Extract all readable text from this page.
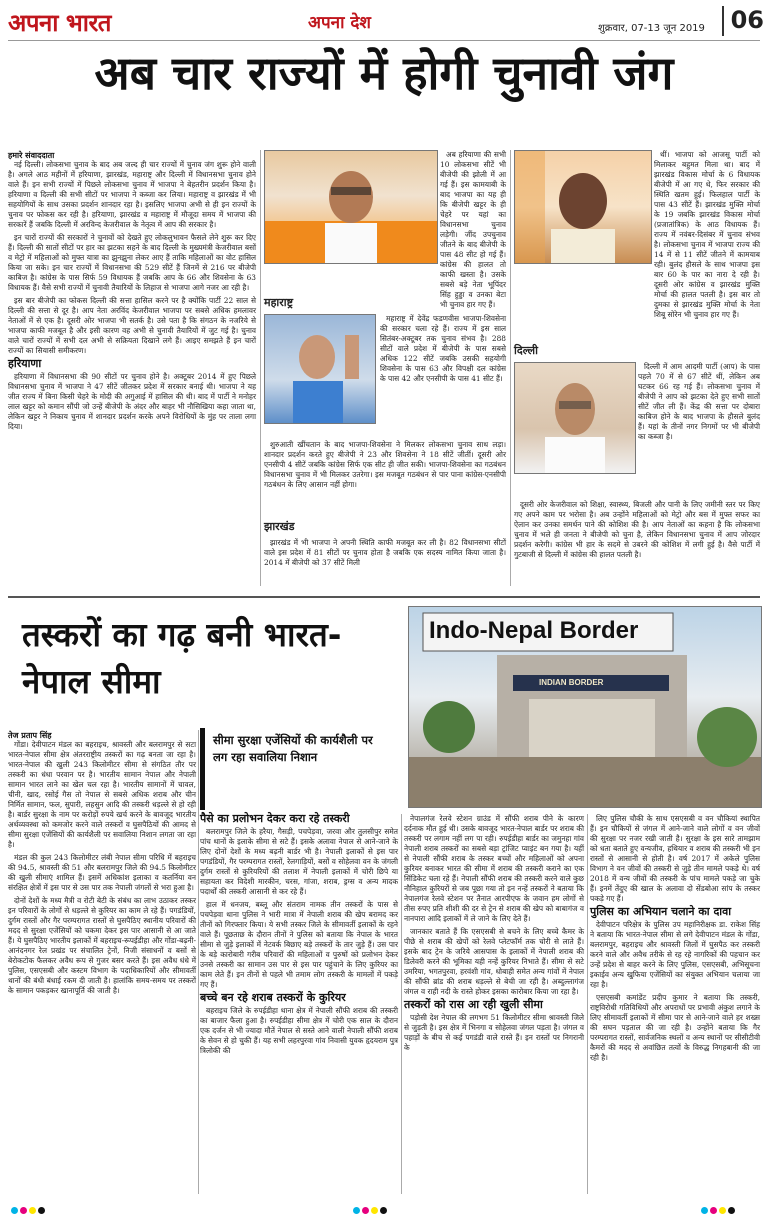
अपना भारत	अपना देश	शुक्रवार, 07-13 जून 2019	06
अब चार राज्यों में होगी चुनावी जंग
हमारे संवाददाता

नई दिल्ली। लोकसभा चुनाव के बाद अब जल्द ही चार राज्यों में चुनाव जंग शुरू होने वाली है। अगले आठ महीनों में हरियाणा, झारखंड, महाराष्ट्र और दिल्ली में विधानसभा चुनाव होने वाले हैं। इन सभी राज्यों में पिछले लोकसभा चुनाव में भाजपा ने बेहतरीन प्रदर्शन किया है। हरियाणा व दिल्ली की सभी सीटों पर भाजपा ने कब्जा कर लिया। महाराष्ट्र व झारखंड में भी सहयोगियों के साथ उसका प्रदर्शन शानदार रहा है। इसलिए भाजपा अभी से ही इन राज्यों के चुनाव पर फोकस कर रही है। हरियाणा, झारखंड व महाराष्ट्र में मौजूदा समय में भाजपा की सरकारें हैं जबकि दिल्ली में अरविन्द केजरीवाल के नेतृत्व में आप की सरकार है।

इन चारों राज्यों की सरकारों ने चुनावों को देखते हुए लोकलुभावन फैसले लेने शुरू कर दिए हैं। दिल्ली की सातों सीटों पर हार का झटका सहने के बाद दिल्ली के मुख्यमंत्री केजरीवाल बसों व मेट्रो में महिलाओं को मुफ्त यात्रा का झुनझुना लेकर आए हैं ताकि महिलाओं का वोट हासिल किया जा सके। इन चार राज्यों में विधानसभा की 529 सीटें हैं जिनमें से 216 पर बीजेपी काबिज है। कांग्रेस के पास सिर्फ 59 विधायक हैं जबकि आप के 66 और शिवसेना के 63 विधायक हैं। वैसे सभी राज्यों में चुनावी तैयारियों के लिहाज से भाजपा आगे नजर आ रही है।

इस बार बीजेपी का फोकस दिल्ली की सत्ता हासिल करने पर है क्योंकि पार्टी 22 साल से दिल्ली की सत्ता से दूर है। आप नेता अरविंद केजरीवाल भाजपा पर सबसे अधिक हमलावर नेताओं में से एक है। दूसरी ओर भाजपा भी सतर्क है। उसे पता है कि संगठन के नजरिये से भाजपा काफी मजबूत है और इसी कारण वह अभी से चुनावी तैयारियों में जुट गई है। चुनाव वाले चारों राज्यों में सभी दल अभी से सक्रियता दिखाने लगे हैं। आइए समझते हैं इन चारों राज्यों का सियासी समीकरण।

हरियाणा

हरियाणा में विधानसभा की 90 सीटों पर चुनाव होने है। अक्टूबर 2014 में हुए पिछले विधानसभा चुनाव में भाजपा ने 47 सीटें जीतकर प्रदेश में सरकार बनाई थी। भाजपा ने यह जीत राज्य में बिना किसी चेहरे के मोदी की अगुआई में हासिल की थी। बाद में पार्टी ने मनोहर लाल खट्टर को कमान सौंपी जो उन्हें बीजेपी के अंदर और बाहर भी नौसिखिया कहा जाता था, लेकिन खट्टर ने निकाय चुनाव में शानदार प्रदर्शन करके अपने विरोधियों के मुंह पर ताला लगा दिया।

अब हरियाणा की सभी 10 लोकसभा सीटें भी बीजेपी की झोली में आ गई हैं। इस कामयाबी के बाद भाजपा का यह ही कि बीजेपी खट्टर के ही चेहरे पर यहां का विधानसभा चुनाव लड़ेगी। जींद उपचुनाव जीतने के बाद बीजेपी के पास 48 सीट हो गई हैं। कांग्रेस की हालत तो काफी खस्ता है। उसके सबसे बड़े नेता भूपिंदर सिंह हुड्डा व उनका बेटा भी चुनाव हार गए हैं।

महाराष्ट्र

महाराष्ट्र में देवेंद्र फडणवीस भाजपा-शिवसेना की सरकार चला रहे हैं। राज्य में इस साल सितंबर-अक्टूबर तक चुनाव संभव है। 288 सीटों वाले प्रदेश में बीजेपी के पास सबसे अधिक 122 सीटें जबकि उसकी सहयोगी शिवसेना के पास 63 और विपक्षी दल कांग्रेस के पास 42 और एनसीपी के पास 41 सीट हैं।

शुरुआती खींचतान के बाद भाजपा-शिवसेना ने मिलकर लोकसभा चुनाव साथ लड़ा। शानदार प्रदर्शन करते हुए बीजेपी ने 23 और शिवसेना ने 18 सीटें जीतीं। दूसरी ओर एनसीपी 4 सीटें जबकि कांग्रेस सिर्फ एक सीट ही जीत सकी। भाजपा-शिवसेना का गठबंधन विधानसभा चुनाव में भी मिलकर उतरेगा। इस मजबूत गठबंधन से पार पाना कांग्रेस-एनसीपी गठबंधन के लिए आसान नहीं होगा।

झारखंड

झारखंड में भी भाजपा ने अपनी स्थिति काफी मजबूत कर ली है। 82 विधानसभा सीटों वाले इस प्रदेश में 81 सीटों पर चुनाव होता है जबकि एक सदस्य नामित किया जाता है। 2014 में बीजेपी को 37 सीटें मिली

थीं। भाजपा को आजसू पार्टी को मिलाकर बहुमत मिला था। बाद में झारखंड विकास मोर्चा के 6 विधायक बीजेपी में आ गए थे, फिर सरकार की स्थिति खतम हुई। फिलहाल पार्टी के पास 43 सीटें हैं। झारखंड मुक्ति मोर्चा के 19 जबकि झारखंड विकास मोर्चा (प्रजातांत्रिक) के आठ विधायक हैं। राज्य में नवंबर-दिसंबर में चुनाव संभव है। लोकसभा चुनाव में भाजपा राज्य की 14 में से 11 सीटें जीतने में कामयाब रही। बुलंद हौसले के साथ भाजपा इस बार 60 के पार का नारा दे रही है। दूसरी ओर कांग्रेस व झारखंड मुक्ति मोर्चा की हालत पतली है। इस बार तो दुमका से झारखंड मुक्ति मोर्चा के नेता शिबू सोरेन भी चुनाव हार गए हैं।

दिल्ली

दिल्ली में आम आदमी पार्टी (आप) के पास पहले 70 में से 67 सीटें थीं, लेकिन अब घटकर 66 रह गई हैं। लोकसभा चुनाव में बीजेपी ने आप को झटका देते हुए सभी सातों सीटें जीत ली हैं। केंद्र की सत्ता पर दोबारा काबिज होने के बाद भाजपा के हौसले बुलंद हैं। यहां के तीनों नगर निगमों पर भी बीजेपी का कब्जा है।

दूसरी ओर केजरीवाल को शिक्षा, स्वास्थ्य, बिजली और पानी के लिए जमीनी स्तर पर किए गए अपने काम पर भरोसा है। अब उन्होंने महिलाओं को मेट्रो और बस में मुफ्त सफर का ऐलान कर उनका समर्थन पाने की कोशिश की है। आप नेताओं का कहना है कि लोकसभा चुनाव में भले ही जनता ने बीजेपी को चुना है, लेकिन विधानसभा चुनाव में आप जोरदार प्रदर्शन करेगी। कांग्रेस भी हार के सदमे से उबरने की कोशिश में लगी हुई है। वैसे पार्टी में गुटबाजी से दिल्ली में कांग्रेस की हालत पतली है।

तस्करों का गढ़ बनी भारत-नेपाल सीमा
Indo-Nepal Border
INDIAN BORDER
सीमा सुरक्षा एजेंसियों की कार्यशैली पर लग रहा सवालिया निशान
तेज प्रताप सिंह

गोंडा। देवीपाटन मंडल का बहराइच, श्रावस्ती और बलरामपुर से सटा भारत-नेपाल सीमा क्षेत्र अंतरराष्ट्रीय तस्करों का गढ़ बनता जा रहा है। भारत-नेपाल की खुली 243 किलोमीटर सीमा से संगठित तौर पर तस्करी का धंधा परवान पर है। भारतीय सामान नेपाल और नेपाली सामान भारत लाने का खेल चल रहा है। भारतीय सामानों में चावल, चीनी, खाद, रसोई गैस तो नेपाल से सबसे अधिक शराब और चीन निर्मित सामान, फल, सुपारी, लहसुन आदि की तस्करी धड़ल्ले से हो रही है। बार्डर सुरक्षा के नाम पर करोड़ों रुपये खर्च करने के बावजूद भारतीय अर्थव्यवस्था को कमजोर करने वाले तस्करों व घुसपैठियों की आमद से सीमा सुरक्षा एजेंसियों की कार्यशैली पर सवालिया निशान लगता जा रहा है।

मंडल की कुल 243 किलोमीटर लंबी नेपाल सीमा परिधि में बहराइच की 94.5, श्रावस्ती की 51 और बलरामपुर जिले की 94.5 किलोमीटर की खुली सीमाएं शामिल हैं। इसमें अधिकांश इलाका व कतर्निया वन संरक्षित क्षेत्रों में इस पार से उस पार तक नेपाली जंगलों से भरा हुआ है।

दोनों देशों के मध्य मैत्री व रोटी बेटी के संबंध का लाभ उठाकर तस्कर इन परिवारों के लोगों से धड़ल्ले से कुरियर का काम ले रहे हैं। पगडंडियों, दुर्गम रास्तों और गैर परम्परागत रास्तों से घुसपैठिए स्थानीय परिवारों की मदद से सुरक्षा एजेंसियों को चकमा देकर इस पार आसानी से आ जाते हैं। ये घुसपैठिए भारतीय इलाकों में बहराइच-रूपईडीहा और गोंडा-बढ़नी-आनंदनगर रेल प्रखंड पर संचालित ट्रेनों, निजी संसाधनों व बसों से बेरोकटोक फैलकर अवैध रूप से गुजर बसर करते हैं। इस अवैध धंधे में पुलिस, एसएसबी और कस्टम विभाग के पदाधिकारियों और सीमावर्ती थानों की बंधी बंधाई रकम दी जाती है। हालांकि समय-समय पर तस्करों के सामान पकड़कर खानापूर्ति की जाती है।

पैसे का प्रलोभन देकर करा रहे तस्करी

बलरामपुर जिले के हरैया, गैसड़ी, पचपेड़वा, जरवा और तुलसीपुर समेत पांच थानों के इलाके सीमा से सटे हैं। इसके अलावा नेपाल से आने-जाने के लिए दोनों देशों के मध्य बढ़नी बार्डर भी है। नेपाली इलाकों से इस पार पगडंडियों, गैर परम्परागत रास्तों, रेलगाड़ियों, बसों व सोहेलवा वन के जंगली दुर्गम रास्तों से कुरियरियों की तलाश में नेपाली इलाकों में चोरी छिपे या सहायता कर विदेशी मारकीन, चरस, गांजा, शराब, ड्रग्स व अन्य मादक पदार्थों की तस्करी आसानी से कर रहे हैं।

हाल में धनजय, बब्लू और संतराम नामक तीन तस्करों के पास से पचपेड़वा थाना पुलिस ने भारी मात्रा में नेपाली शराब की खेप बरामद कर तीनों को गिरफ्तार किया। ये सभी तस्कर जिले के सीमावर्ती इलाकों के रहने वाले हैं। पूछताछ के दौरान तीनों ने पुलिस को बताया कि नेपाल के भारत सीमा से जुड़े इलाकों में नेटवर्क बिछाए बड़े तस्करों के तार जुड़े हैं। उस पार के बड़े कारोबारी गरीब परिवारों की महिलाओं व पुरुषों को प्रलोभन देकर उनसे तस्करी का सामान उस पार से इस पार पहुंचाने के लिए कुरियर का काम लेते हैं। इन तीनों से पहले भी तमाम लोग तस्करी के मामलों में पकड़े गए हैं।

बच्चे बन रहे शराब तस्करों के कुरियर

बहराइच जिले के रुपईडीहा थाना क्षेत्र में नेपाली सौंफी शराब की तस्करी का बाजार फैला हुआ है। रुपईडीहा सीमा क्षेत्र में चोरी एक साल के दौरान एक दर्जन से भी ज्यादा मौतें नेपाल से सस्ते आने वाली नेपाली सौंफी शराब के सेवन से हो चुकी हैं। यह सभी लहरपुरवा गांव निवासी युवक हृदयराम पुत्र त्रिलोकी की

नेपालगंज रेलवे स्टेशन ग्राउंड में सौंफी शराब पीने के कारण दर्दनाक मौत हुई थी। उसके बावजूद भारत-नेपाल बार्डर पर शराब की तस्करी पर लगाम नहीं लग पा रही। रुपईडीहा बार्डर का जमुनहा गांव नेपाली शराब तस्करों का सबसे बड़ा ट्रांजिट प्वाइंट बन गया है। यहीं से नेपाली सौंफी शराब के तस्कर बच्चों और महिलाओं को अपना कुरियर बनाकर भारत की सीमा में शराब की तस्करी कराने का एक सिंडिकेट चला रहे हैं। नेपाली सौंफी शराब की तस्करी करने वाले कुछ नौनिहाल कुरियरों से जब पूछा गया तो इन नन्हें तस्करों ने बताया कि नेपालगंज रेलवे स्टेशन पर तैनात आरपीएफ के जवान हम लोगों से तीस रुपए प्रति शीशी की दर से ट्रेन से शराब की खेप को बाबागंज व नानपारा आदि इलाकों में ले जाने के लिए देते हैं।

जानकार बताते हैं कि एसएसबी से बचने के लिए बच्चे कैमर के पीछे से शराब की खेपों को रेलवे प्लेटफॉर्म तक चोरी से लाते हैं। इसके बाद ट्रेन के जरिये आसपास के इलाकों में नेपाली शराब की डिलेवरी करने की भूमिका यही नन्हें कुरियर निभाते हैं। सीमा से सटे उमरिया, भगतपुरवा, हरवंशी गांव, धोबाही समेत अन्य गांवों में नेपाल की सौंफी ब्रांड की शराब धड़ल्ले से बेची जा रही है। अब्दुल्लागंज जंगल व राही नदी के रास्ते होकर इसका कारोबार किया जा रहा है।

तस्करों को रास आ रही खुली सीमा

पड़ोसी देश नेपाल की लगभग 51 किलोमीटर सीमा श्रावस्ती जिले से जुड़ती है। इस क्षेत्र में भिनगा व सोहेलवा जंगल पड़ता है। जंगल व पहाड़ों के बीच से कई पगडंडी वाले रास्ते हैं। इन रास्तों पर निगरानी के

लिए पुलिस चौकी के साथ एसएसबी व वन चौकियां स्थापित हैं। इन चौकियों से जंगल में आने-जाने वाले लोगों व वन जीवों की सुरक्षा पर नजर रखी जाती है। सुरक्षा के इस सारे तामझाम को धता बताते हुए वन्यजीव, हथियार व शराब की तस्करी भी इन रास्तों से आसानी से होती है। वर्ष 2017 में अकेले पुलिस विभाग ने वन जीवों की तस्करी से जुड़े तीन मामले पकड़े थे। वर्ष 2018 में वन्य जीवों की तस्करी के पांच मामले पकड़े जा चुके हैं। इनमें तेंदुए की खाल के अलावा दो सेंडबोआ सांप के तस्कर पकड़े गए हैं।

पुलिस का अभियान चलाने का दावा

देवीपाटन परिक्षेत्र के पुलिस उप महानिरीक्षक डा. राकेश सिंह ने बताया कि भारत-नेपाल सीमा से लगे देवीपाटन मंडल के गोंडा, बलरामपुर, बहराइच और श्रावस्ती जिलों में घुसपैठ कर तस्करी करने वाले और अवैध तरीके से रह रहे नागरिकों की पहचान कर उन्हें प्रदेश से बाहर करने के लिए पुलिस, एसएसबी, अभिसूचना इकाईव अन्य खुफिया एजेंसियों का संयुक्त अभियान चलाया जा रहा है।

एसएसबी कमांडेंट प्रदीप कुमार ने बताया कि तस्करी, राष्ट्रविरोधी गतिविधियों और अपराधों पर प्रभावी अंकुश लगाने के लिए सीमावर्ती इलाकों में सीमा पार से आने-जाने वाले हर शख्स की सघन पड़ताल की जा रही है। उन्होंने बताया कि गैर परम्परागत रास्तों, सार्वजनिक स्थलों व अन्य स्थानों पर सीसीटीवी कैमरों की मदद से अवांछित तत्वों के विरुद्ध निगहबानी की जा रही है।
